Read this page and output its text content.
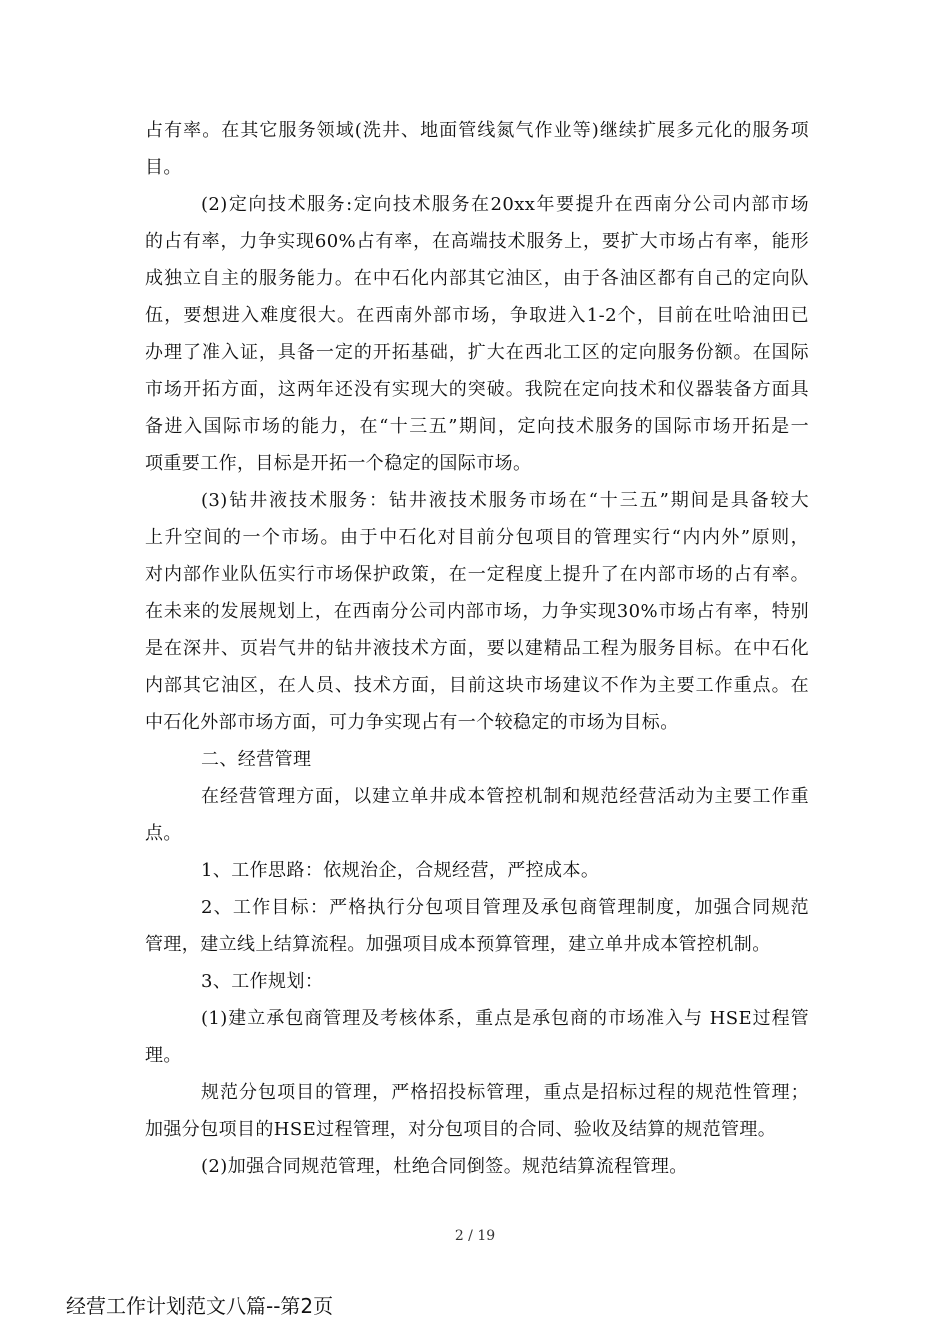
占有率。在其它服务领域(洗井、地面管线氮气作业等)继续扩展多元化的服务项
目。
(2)定向技术服务:定向技术服务在20xx年要提升在西南分公司内部市场
的占有率，力争实现60%占有率，在高端技术服务上，要扩大市场占有率，能形
成独立自主的服务能力。在中石化内部其它油区，由于各油区都有自己的定向队
伍，要想进入难度很大。在西南外部市场，争取进入1-2个，目前在吐哈油田已
办理了准入证，具备一定的开拓基础，扩大在西北工区的定向服务份额。在国际
市场开拓方面，这两年还没有实现大的突破。我院在定向技术和仪器装备方面具
备进入国际市场的能力，在“十三五”期间，定向技术服务的国际市场开拓是一
项重要工作，目标是开拓一个稳定的国际市场。
(3)钻井液技术服务：钻井液技术服务市场在“十三五”期间是具备较大
上升空间的一个市场。由于中石化对目前分包项目的管理实行“内内外”原则，
对内部作业队伍实行市场保护政策，在一定程度上提升了在内部市场的占有率。
在未来的发展规划上，在西南分公司内部市场，力争实现30%市场占有率，特别
是在深井、页岩气井的钻井液技术方面，要以建精品工程为服务目标。在中石化
内部其它油区，在人员、技术方面，目前这块市场建议不作为主要工作重点。在
中石化外部市场方面，可力争实现占有一个较稳定的市场为目标。
二、经营管理
在经营管理方面，以建立单井成本管控机制和规范经营活动为主要工作重
点。
1、工作思路：依规治企，合规经营，严控成本。
2、工作目标：严格执行分包项目管理及承包商管理制度，加强合同规范
管理，建立线上结算流程。加强项目成本预算管理，建立单井成本管控机制。
3、工作规划：
(1)建立承包商管理及考核体系，重点是承包商的市场准入与 HSE过程管
理。
规范分包项目的管理，严格招投标管理，重点是招标过程的规范性管理；
加强分包项目的HSE过程管理，对分包项目的合同、验收及结算的规范管理。
(2)加强合同规范管理，杜绝合同倒签。规范结算流程管理。
2 / 19
经营工作计划范文八篇--第2页
